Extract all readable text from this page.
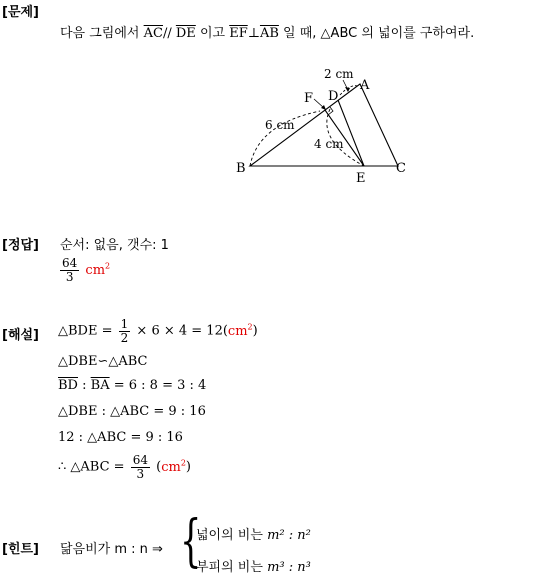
[문제]
다음 그림에서 $\overline{AC}//$ $\overline{DE}$ 이고 $\overline{EF}\perp\overline{AB}$ 일 때, △ABC 의 넓이를 구하여라.
B	C
A
D
F
E
2 cm
6 cm
4 cm
[정답] 순서: 없음, 갯수: 1
$\frac{64}{3} cm^2$
[해설] △BDE = $\frac{1}{2} \times 6 \times 4 = 12(cm^2)$
△DBE∽△ABC
$\overline{BD}$ : $\overline{BA} = 6$ : 8 = 3 : 4
△DBE : △ABC = 9 : 16
12 : △ABC = 9 : 16
∴ △ABC = $\frac{64}{3} (cm^2)$
[힌트] 닮음비가 m : n ⇒ {
넓이의 비는 m² : n²
부피의 비는 m³ : n³
